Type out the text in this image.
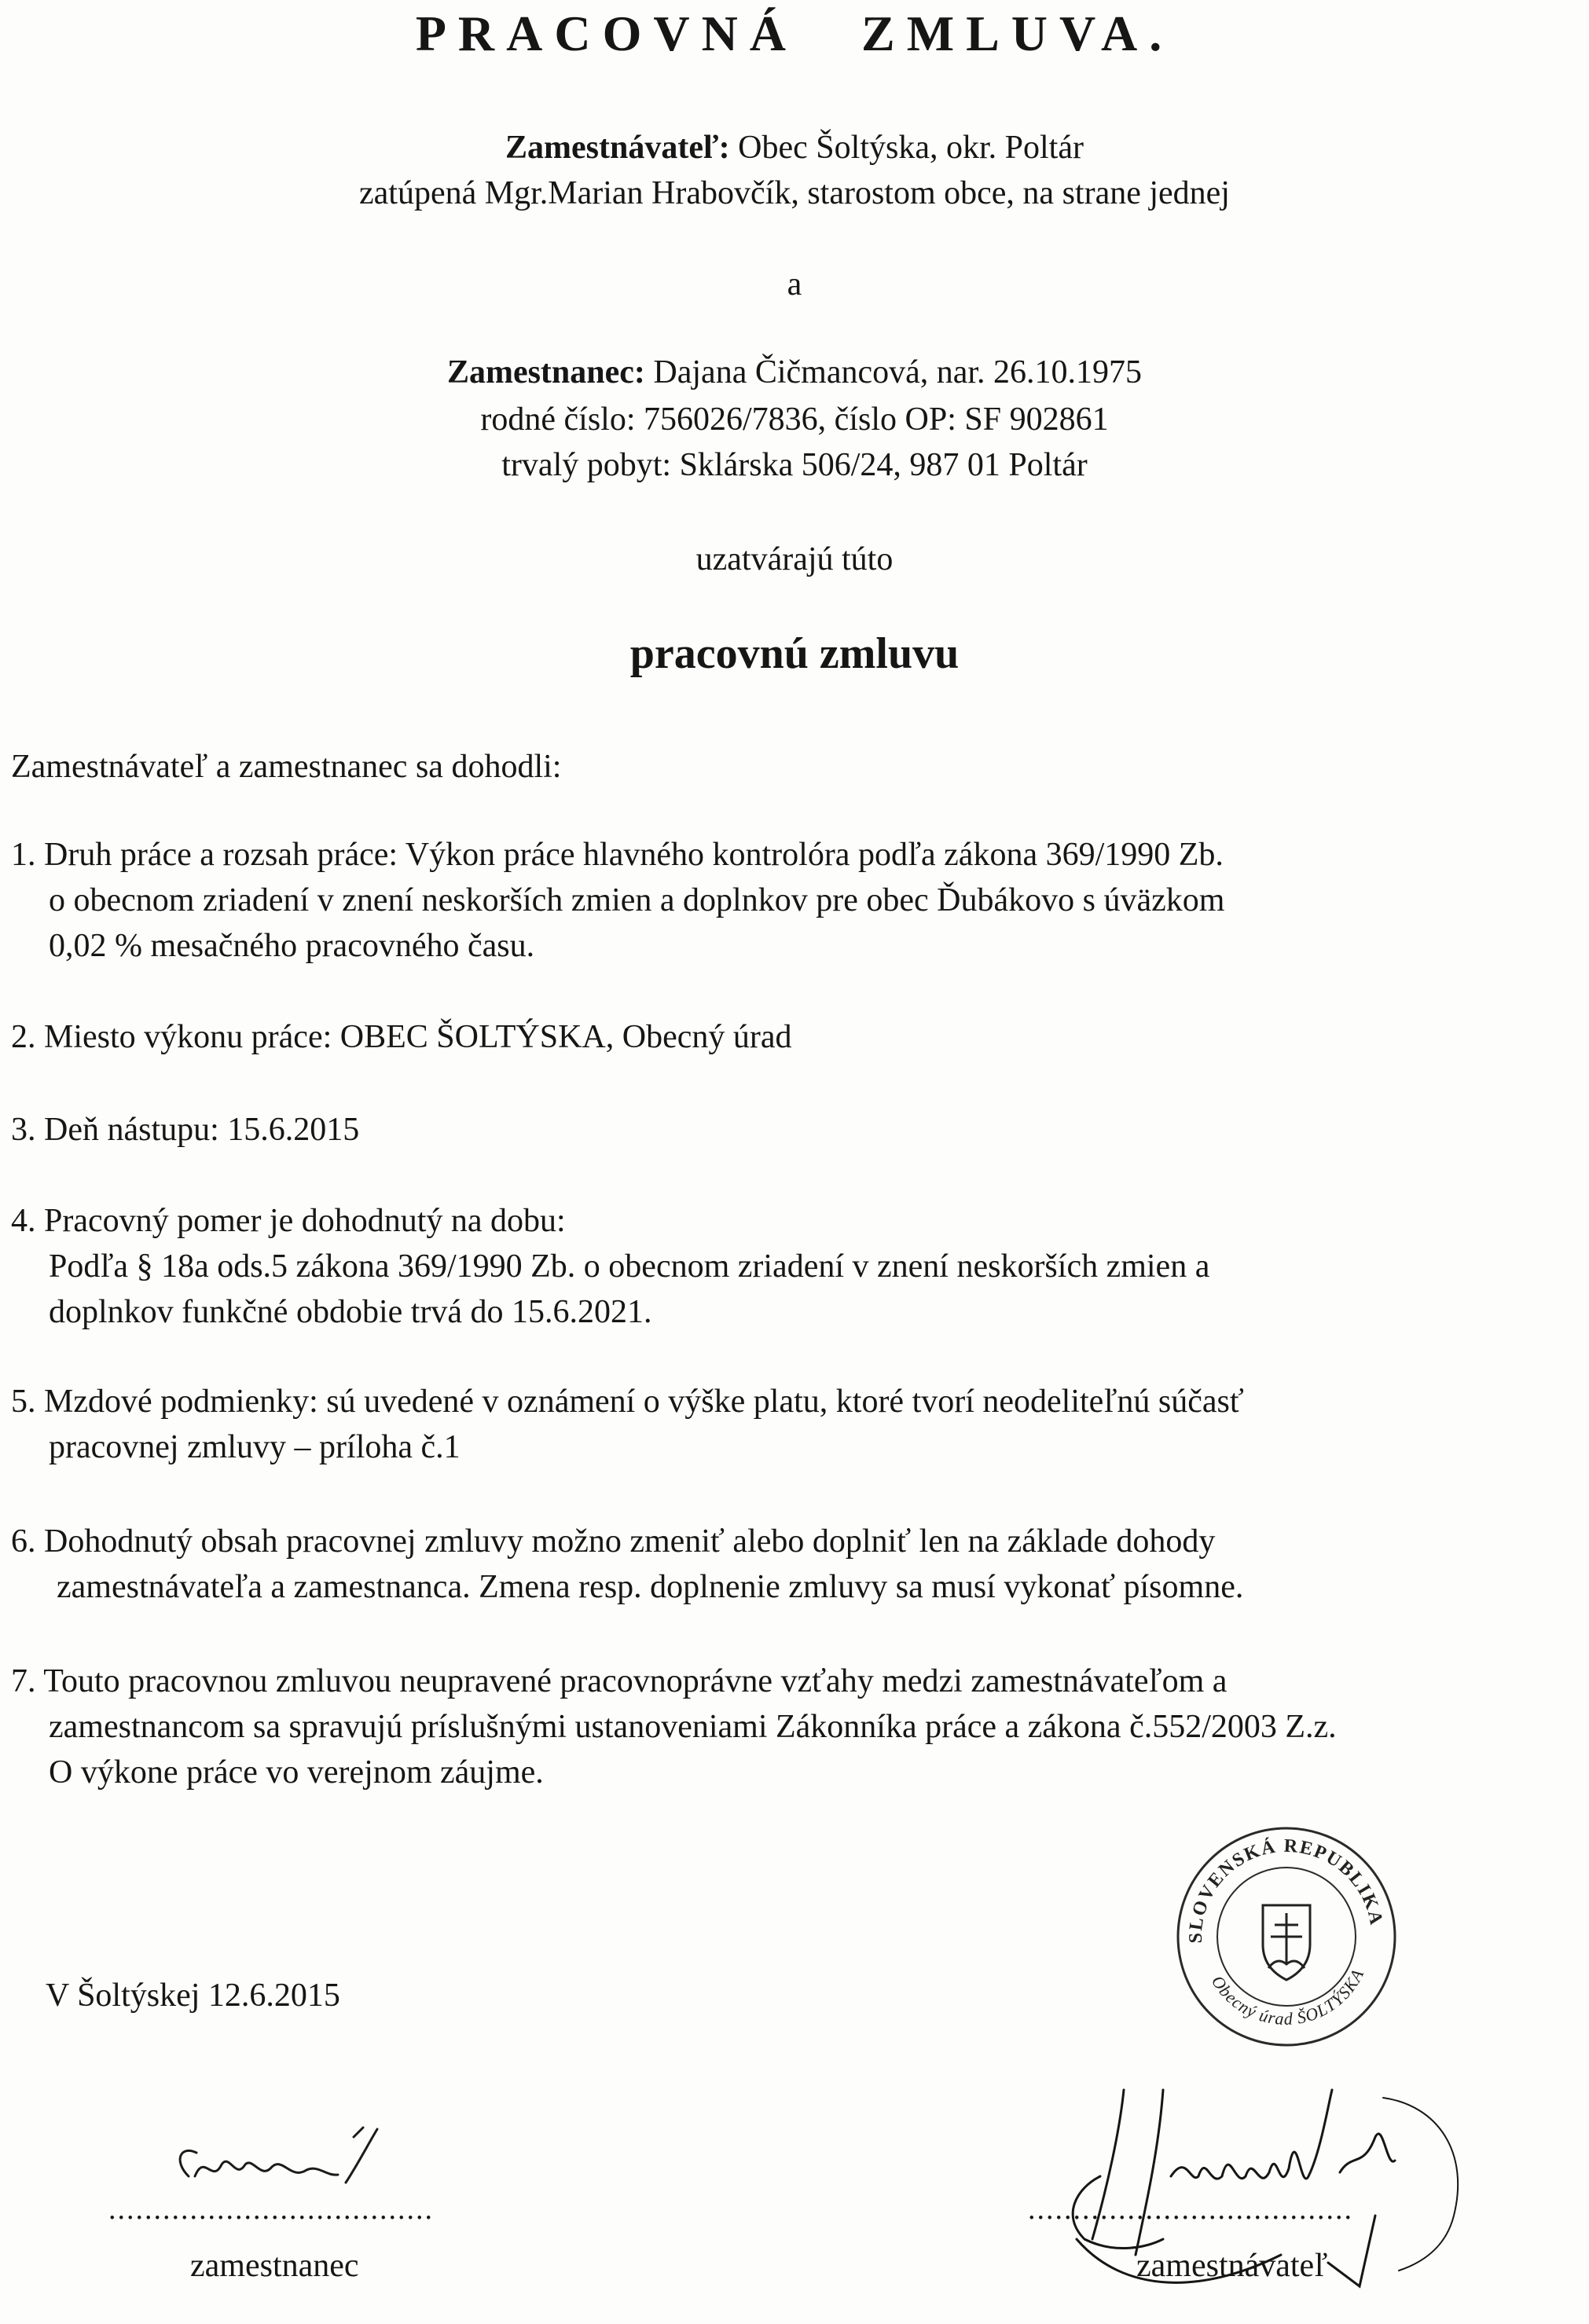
PRACOVNÁ ZMLUVA.
Zamestnávateľ: Obec Šoltýska, okr. Poltár
zatúpená Mgr.Marian Hrabovčík, starostom obce, na strane jednej
a
Zamestnanec: Dajana Čičmancová, nar. 26.10.1975
rodné číslo: 756026/7836, číslo OP: SF 902861
trvalý pobyt: Sklárska 506/24, 987 01 Poltár
uzatvárajú túto
pracovnú zmluvu
Zamestnávateľ a zamestnanec sa dohodli:
1. Druh práce a rozsah práce: Výkon práce hlavného kontrolóra podľa zákona 369/1990 Zb.
o obecnom zriadení v znení neskorších zmien a doplnkov pre obec Ďubákovo s úväzkom
0,02 % mesačného pracovného času.
2. Miesto výkonu práce: OBEC ŠOLTÝSKA, Obecný úrad
3. Deň nástupu: 15.6.2015
4. Pracovný pomer je dohodnutý na dobu:
Podľa § 18a ods.5 zákona 369/1990 Zb. o obecnom zriadení v znení neskorších zmien a
doplnkov funkčné obdobie trvá do 15.6.2021.
5. Mzdové podmienky: sú uvedené v oznámení o výške platu, ktoré tvorí neodeliteľnú súčasť
pracovnej zmluvy – príloha č.1
6. Dohodnutý obsah pracovnej zmluvy možno zmeniť alebo doplniť len na základe dohody
zamestnávateľa a zamestnanca. Zmena resp. doplnenie zmluvy sa musí vykonať písomne.
7. Touto pracovnou zmluvou neupravené pracovnoprávne vzťahy medzi zamestnávateľom a
zamestnancom sa spravujú príslušnými ustanoveniami Zákonníka práce a zákona č.552/2003 Z.z.
O výkone práce vo verejnom záujme.
V Šoltýskej 12.6.2015
SLOVENSKÁ REPUBLIKA
Obecný úrad ŠOLTÝSKA
....................................	....................................
zamestnanec	zamestnávateľ
